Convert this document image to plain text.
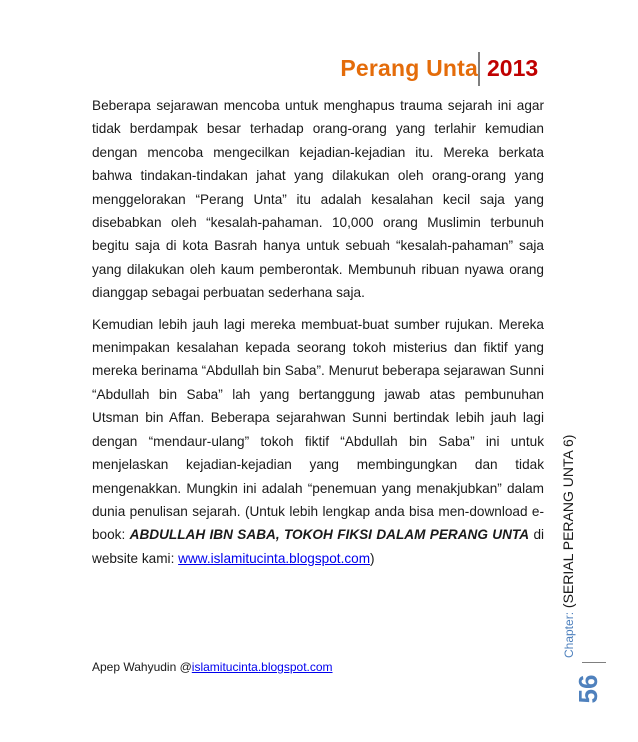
Perang Unta 2013

Beberapa sejarawan mencoba untuk menghapus trauma sejarah ini agar tidak berdampak besar terhadap orang-orang yang terlahir kemudian dengan mencoba mengecilkan kejadian-kejadian itu. Mereka berkata bahwa tindakan-tindakan jahat yang dilakukan oleh orang-orang yang menggelorakan “Perang Unta” itu adalah kesalahan kecil saja yang disebabkan oleh “kesalah-pahaman. 10,000 orang Muslimin terbunuh begitu saja di kota Basrah hanya untuk sebuah “kesalah-pahaman” saja yang dilakukan oleh kaum pemberontak. Membunuh ribuan nyawa orang dianggap sebagai perbuatan sederhana saja.

Kemudian lebih jauh lagi mereka membuat-buat sumber rujukan. Mereka menimpakan kesalahan kepada seorang tokoh misterius dan fiktif yang mereka berinama “Abdullah bin Saba”. Menurut beberapa sejarawan Sunni “Abdullah bin Saba” lah yang bertanggung jawab atas pembunuhan Utsman bin Affan. Beberapa sejarahwan Sunni bertindak lebih jauh lagi dengan “mendaur-ulang” tokoh fiktif “Abdullah bin Saba” ini untuk menjelaskan kejadian-kejadian yang membingungkan dan tidak mengenakkan. Mungkin ini adalah “penemuan yang menakjubkan” dalam dunia penulisan sejarah. (Untuk lebih lengkap anda bisa men-download e-book: ABDULLAH IBN SABA, TOKOH FIKSI DALAM PERANG UNTA di website kami: www.islamitucinta.blogspot.com)

Chapter: (SERIAL PERANG UNTA 6)
56
Apep Wahyudin @islamitucinta.blogspot.com
